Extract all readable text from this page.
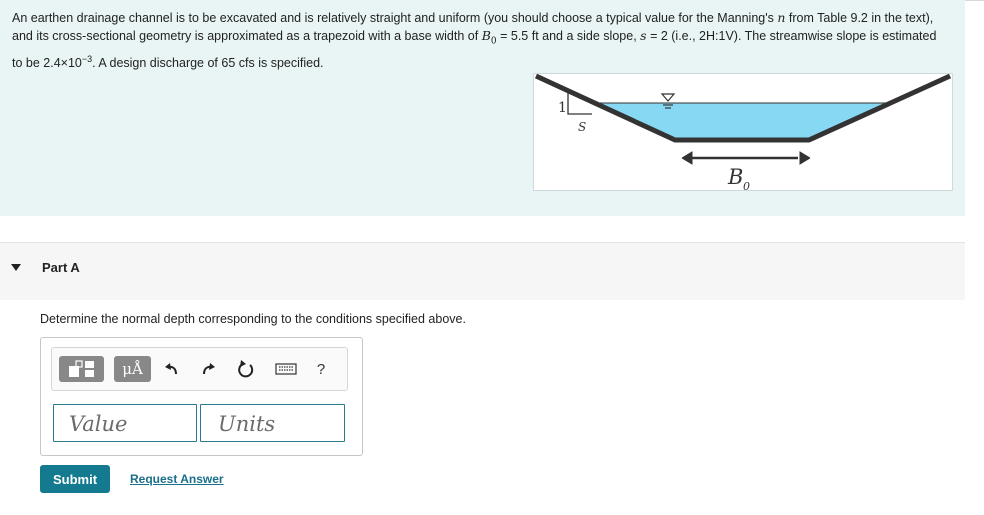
An earthen drainage channel is to be excavated and is relatively straight and uniform (you should choose a typical value for the Manning's n from Table 9.2 in the text), and its cross-sectional geometry is approximated as a trapezoid with a base width of $B_0 = 5.5$ ft and a side slope, s = 2 (i.e., 2H:1V). The streamwise slope is estimated to be $2.4\times 10^{-3}$. A design discharge of 65 cfs is specified.
1
S
B 0
Part A
Determine the normal depth corresponding to the conditions specified above.
μÅ	?
Value	Units
Submit	Request Answer
